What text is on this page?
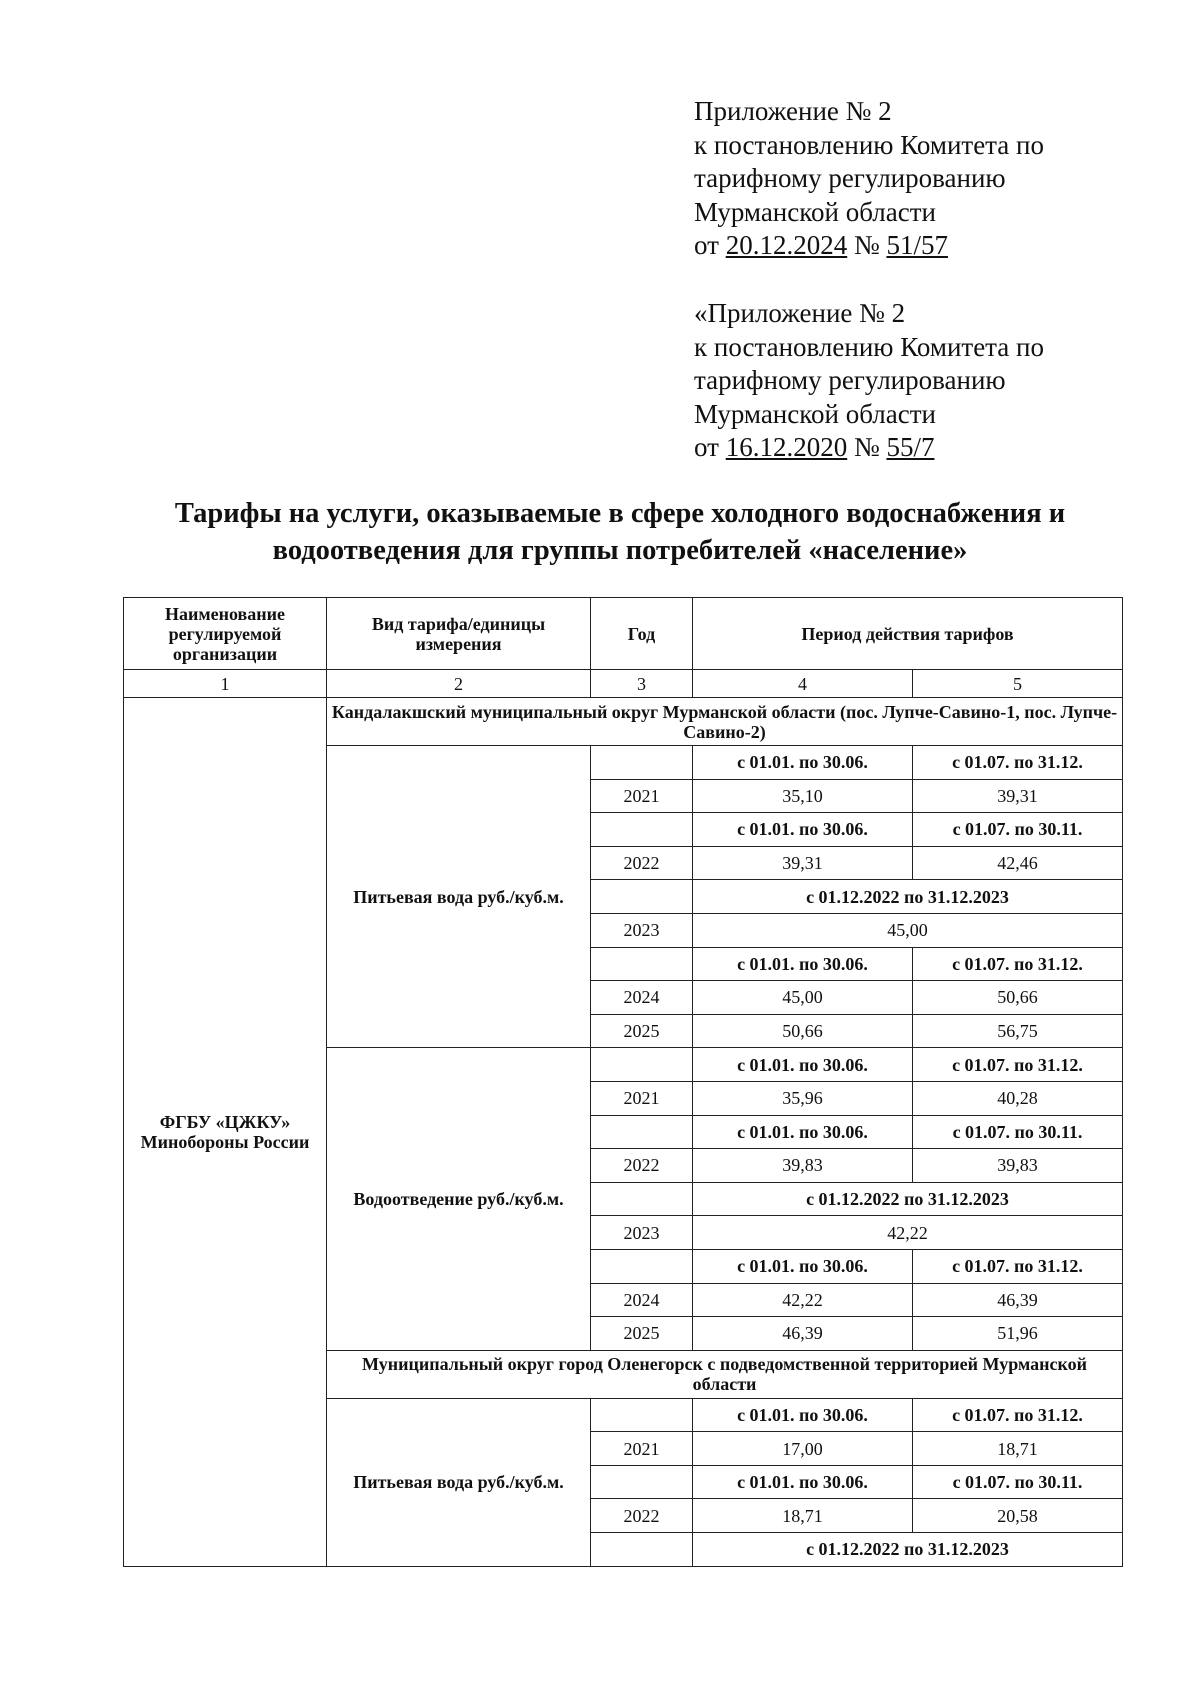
Приложение № 2
к постановлению Комитета по
тарифному регулированию
Мурманской области
от 20.12.2024 № 51/57
«Приложение № 2
к постановлению Комитета по
тарифному регулированию
Мурманской области
от 16.12.2020 № 55/7
Тарифы на услуги, оказываемые в сфере холодного водоснабжения и
водоотведения для группы потребителей «население»
Наименование регулируемой организации	Вид тарифа/единицы измерения	Год	Период действия тарифов	
1	2	3	4	5
ФГБУ «ЦЖКУ» Минобороны России	Кандалакшский муниципальный округ Мурманской области (пос. Лупче-Савино-1, пос. Лупче-Савино-2)			
	Питьевая вода руб./куб.м.		с 01.01. по 30.06.	с 01.07. по 31.12.
		2021	35,10	39,31
			с 01.01. по 30.06.	с 01.07. по 30.11.
		2022	39,31	42,46
			с 01.12.2022 по 31.12.2023	
		2023	45,00	
			с 01.01. по 30.06.	с 01.07. по 31.12.
		2024	45,00	50,66
		2025	50,66	56,75
	Водоотведение руб./куб.м.		с 01.01. по 30.06.	с 01.07. по 31.12.
		2021	35,96	40,28
			с 01.01. по 30.06.	с 01.07. по 30.11.
		2022	39,83	39,83
			с 01.12.2022 по 31.12.2023	
		2023	42,22	
			с 01.01. по 30.06.	с 01.07. по 31.12.
		2024	42,22	46,39
		2025	46,39	51,96
	Муниципальный округ город Оленегорск с подведомственной территорией Мурманской области			
	Питьевая вода руб./куб.м.		с 01.01. по 30.06.	с 01.07. по 31.12.
		2021	17,00	18,71
			с 01.01. по 30.06.	с 01.07. по 30.11.
		2022	18,71	20,58
			с 01.12.2022 по 31.12.2023	
